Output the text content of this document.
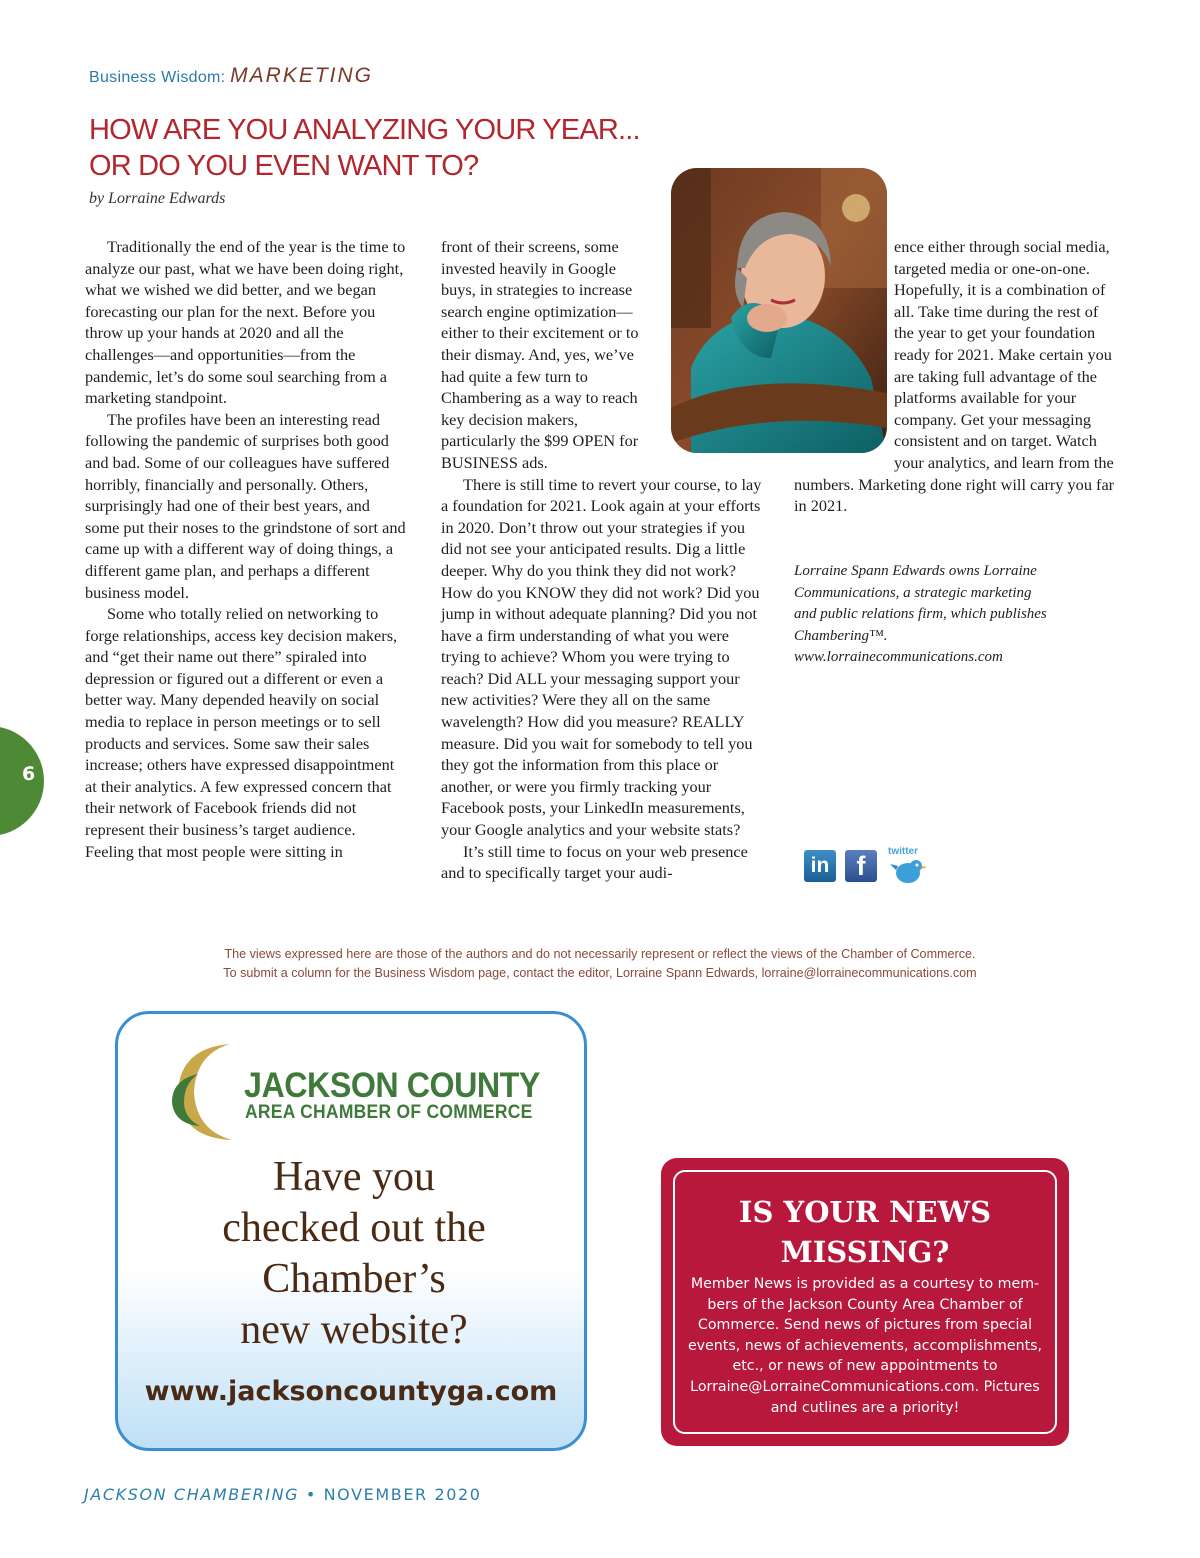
Business Wisdom: MARKETING
HOW ARE YOU ANALYZING YOUR YEAR...
OR DO YOU EVEN WANT TO?
by Lorraine Edwards

Traditionally the end of the year is the time to analyze our past, what we have been doing right, what we wished we did better, and we began forecasting our plan for the next. Before you throw up your hands at 2020 and all the challenges—and opportunities—from the pandemic, let’s do some soul searching from a marketing standpoint.

The profiles have been an interesting read following the pandemic of surprises both good and bad. Some of our colleagues have suffered horribly, financially and personally. Others, surprisingly had one of their best years, and some put their noses to the grindstone of sort and came up with a different way of doing things, a different game plan, and perhaps a different business model.

Some who totally relied on networking to forge relationships, access key decision makers, and “get their name out there” spiraled into depression or figured out a different or even a better way. Many depended heavily on social media to replace in person meetings or to sell products and services. Some saw their sales increase; others have expressed disappointment at their analytics. A few expressed concern that their network of Facebook friends did not represent their business’s target audience. Feeling that most people were sitting in

front of their screens, some invested heavily in Google buys, in strategies to increase search engine optimization—either to their excitement or to their dismay. And, yes, we’ve had quite a few turn to Chambering as a way to reach key decision makers, particularly the $99 OPEN for BUSINESS ads.

There is still time to revert your course, to lay a foundation for 2021. Look again at your efforts in 2020. Don’t throw out your strategies if you did not see your anticipated results. Dig a little deeper. Why do you think they did not work? How do you KNOW they did not work? Did you jump in without adequate planning? Did you not have a firm understanding of what you were trying to achieve? Whom you were trying to reach? Did ALL your messaging support your new activities? Were they all on the same wavelength? How did you measure? REALLY measure. Did you wait for somebody to tell you they got the information from this place or another, or were you firmly tracking your Facebook posts, your LinkedIn measurements, your Google analytics and your website stats?

It’s still time to focus on your web presence and to specifically target your audi-

ence either through social media, targeted media or one-on-one. Hopefully, it is a combination of all. Take time during the rest of the year to get your foundation ready for 2021. Make certain you are taking full advantage of the platforms available for your company. Get your messaging consistent and on target. Watch your analytics, and learn from the numbers. Marketing done right will carry you far in 2021.

Lorraine Spann Edwards owns Lorraine
Communications, a strategic marketing
and public relations firm, which publishes
Chambering™.
www.lorrainecommunications.com
in	f	twitter
The views expressed here are those of the authors and do not necessarily represent or reflect the views of the Chamber of Commerce.
To submit a column for the Business Wisdom page, contact the editor, Lorraine Spann Edwards, lorraine@lorrainecommunications.com
JACKSON COUNTY
AREA CHAMBER OF COMMERCE
Have you
checked out the
Chamber’s
new website?
www.jacksoncountyga.com
IS YOUR NEWS
MISSING?
Member News is provided as a courtesy to mem-
bers of the Jackson County Area Chamber of
Commerce. Send news of pictures from special
events, news of achievements, accomplishments,
etc., or news of new appointments to
Lorraine@LorraineCommunications.com. Pictures
and cutlines are a priority!
6
JACKSON CHAMBERING • NOVEMBER 2020
